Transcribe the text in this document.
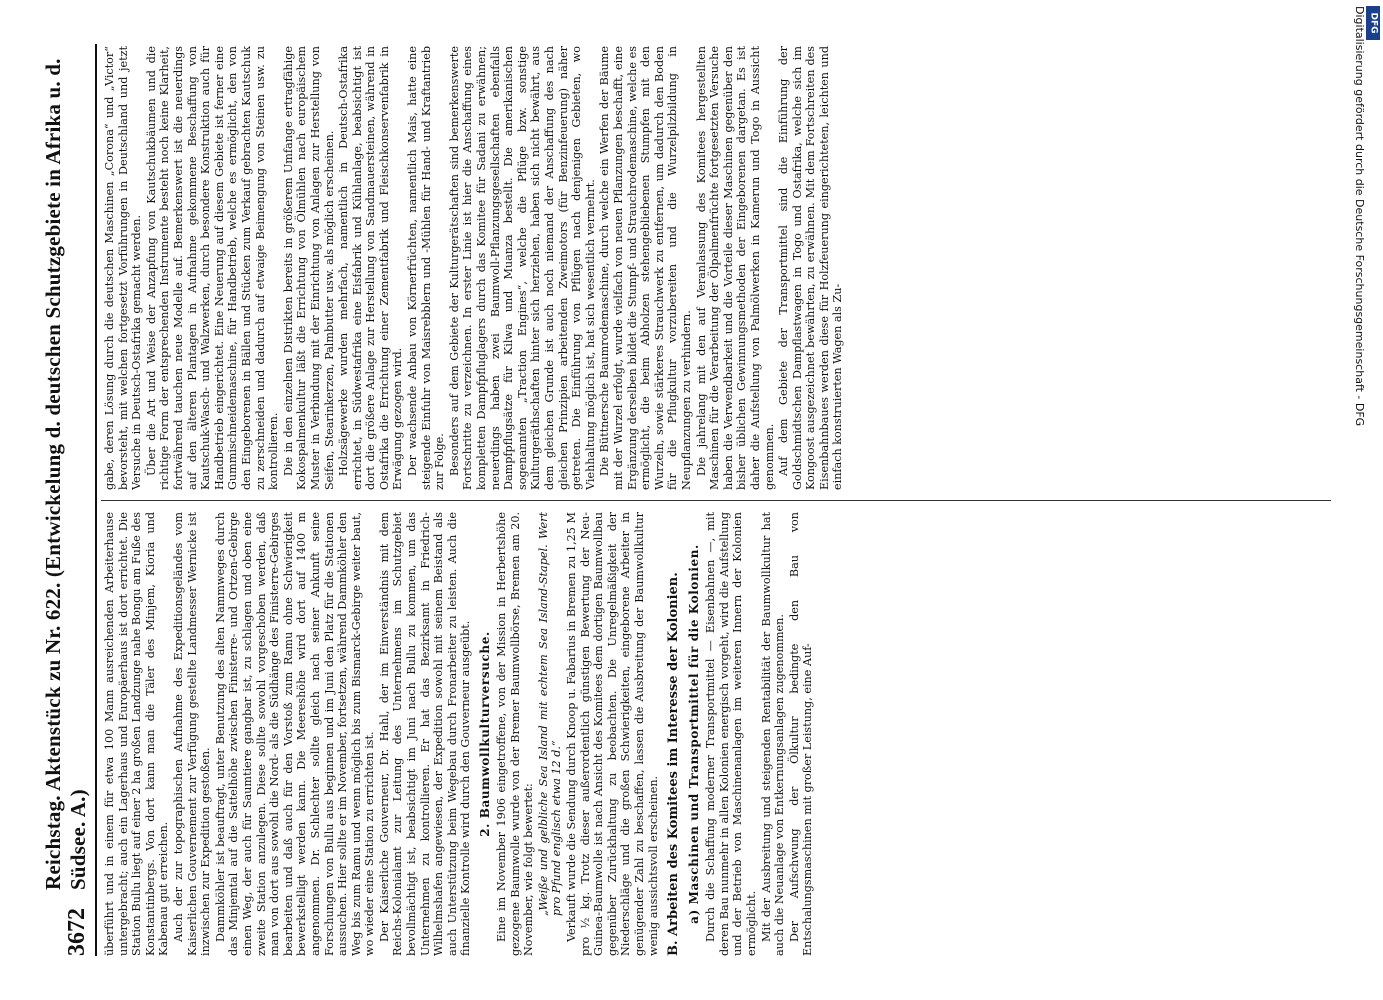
3672
Reichstag. Aktenstück zu Nr. 622. (Entwickelung d. deutschen Schutzgebiete in Afrika u. d. Südsee. A.) überführt und in einem für etwa 100 Mann ausreichenden Arbeiterhause untergebracht; auch ein Lagerhaus und Europäerhaus ist dort errichtet. Die Station Bullu liegt auf einer 2 ha großen Landzunge nahe Bongu am Fuße des Konstantinbergs. Von dort kann man die Täler des Minjem, Kioria und Kabenau gut erreichen. Auch der zur topographischen Aufnahme des Expeditionsgeländes vom Kaiserlichen Gouvernement zur Verfügung gestellte Landmesser Wernicke ist inzwischen zur Expedition gestoßen. Dammköhler ist beauftragt, unter Benutzung des alten Nammweges durch das Minjemtal auf die Sattelhöhe zwischen Finisterre- und Ortzen-Gebirge einen Weg, der auch für Saumtiere gangbar ist, zu schlagen und oben eine zweite Station anzulegen. Diese sollte sowohl vorgeschoben werden, daß man von dort aus sowohl die Nord- als die Südhänge des Finisterre-Gebirges bearbeiten und daß auch für den Vorstoß zum Ramu ohne Schwierigkeit bewerkstelligt werden kann. Die Meereshöhe wird dort auf 1400 m angenommen. Dr. Schlechter sollte gleich nach seiner Ankunft seine Forschungen von Bullu aus beginnen und im Juni den Platz für die Stationen aussuchen. Hier sollte er im November, fortsetzen, während Dammköhler den Weg bis zum Ramu und wenn möglich bis zum Bismarck-Gebirge weiter baut, wo wieder eine Station zu errichten ist. Der Kaiserliche Gouverneur, Dr. Hahl, der im Einverständnis mit dem Reichs-Kolonialamt zur Leitung des Unternehmens im Schutzgebiet bevollmächtigt ist, beabsichtigt im Juni nach Bullu zu kommen, um das Unternehmen zu kontrollieren. Er hat das Bezirksamt in Friedrich-Wilhelmshafen angewiesen, der Expedition sowohl mit seinem Beistand als auch Unterstützung beim Wegebau durch Fronarbeiter zu leisten. Auch die finanzielle Kontrolle wird durch den Gouverneur ausgeübt. 2. Baumwollkulturversuche. Eine im November 1906 eingetroffene, von der Mission in Herbertshöhe gezogene Baumwolle wurde von der Bremer Baumwollbörse, Bremen am 20. November, wie folgt bewertet: „Weiße und gelbliche Sea Island mit echtem Sea Island-Stapel. Wert pro Pfund englisch etwa 12 d.“ Verkauft wurde die Sendung durch Knoop u. Fabarius in Bremen zu 1,25 M pro ½ kg. Trotz dieser außerordentlich günstigen Bewertung der Neu-Guinea-Baumwolle ist nach Ansicht des Komitees dem dortigen Baumwollbau gegenüber Zurückhaltung zu beobachten. Die Unregelmäßigkeit der Niederschläge und die großen Schwierigkeiten, eingeborene Arbeiter in genügender Zahl zu beschaffen, lassen die Ausbreitung der Baumwollkultur wenig aussichtsvoll erscheinen. B. Arbeiten des Komitees im Interesse der Kolonien. a) Maschinen und Transportmittel für die Kolonien. Durch die Schaffung moderner Transportmittel — Eisenbahnen —, mit deren Bau nunmehr in allen Kolonien energisch vorgeht, wird die Aufstellung und der Betrieb von Maschinenanlagen im weiteren Innern der Kolonien ermöglicht. Mit der Ausbreitung und steigenden Rentabilität der Baumwollkultur hat auch die Neuanlage von Entkernungsanlagen zugenommen. Der Aufschwung der Ölkultur bedingte den Bau von Entschalungsmaschinen mit großer Leistung, eine Auf-

gabe, deren Lösung durch die deutschen Maschinen „Corona“ und „Victor“ bevorsteht, mit welchen fortgesetzt Vorführungen in Deutschland und jetzt Versuche in Deutsch-Ostafrika gemacht werden. Über die Art und Weise der Anzapfung von Kautschukbäumen und die richtige Form der entsprechenden Instrumente besteht noch keine Klarheit, fortwährend tauchen neue Modelle auf. Bemerkenswert ist die neuerdings auf den älteren Plantagen in Aufnahme gekommene Beschaffung von Kautschuk-Wasch- und Walzwerken, durch besondere Konstruktion auch für Handbetrieb eingerichtet. Eine Neuerung auf diesem Gebiete ist ferner eine Gummischneidemaschine, für Handbetrieb, welche es ermöglicht, den von den Eingeborenen in Bällen und Stücken zum Verkauf gebrachten Kautschuk zu zerschneiden und dadurch auf etwaige Beimengung von Steinen usw. zu kontrollieren. Die in den einzelnen Distrikten bereits in größerem Umfange ertragfähige Kokospalmenkultur läßt die Errichtung von Ölmühlen nach europäischem Muster in Verbindung mit der Einrichtung von Anlagen zur Herstellung von Seifen, Stearinkerzen, Palmbutter usw. als möglich erscheinen. Holzsägewerke wurden mehrfach, namentlich in Deutsch-Ostafrika errichtet, in Südwestafrika eine Eisfabrik und Kühlanlage, beabsichtigt ist dort die größere Anlage zur Herstellung von Sandmauersteinen, während in Ostafrika die Errichtung einer Zementfabrik und Fleischkonservenfabrik in Erwägung gezogen wird. Der wachsende Anbau von Körnerfrüchten, namentlich Mais, hatte eine steigende Einfuhr von Maisrebblern und -Mühlen für Hand- und Kraftantrieb zur Folge. Besonders auf dem Gebiete der Kulturgerätschaften sind bemerkenswerte Fortschritte zu verzeichnen. In erster Linie ist hier die Anschaffung eines kompletten Dampfpfluglagers durch das Komitee für Sadani zu erwähnen; neuerdings haben zwei Baumwoll-Pflanzungsgesellschaften ebenfalls Dampfpflugsätze für Kilwa und Muanza bestellt. Die amerikanischen sogenannten „Traction Engines“, welche die Pflüge bzw. sonstige Kulturgeräthschaften hinter sich herziehen, haben sich nicht bewährt, aus dem gleichen Grunde ist auch noch niemand der Anschaffung des nach gleichen Prinzipien arbeitenden Zweimotors (für Benzinfeuerung) näher getreten. Die Einführung von Pflügen nach denjenigen Gebieten, wo Viehhaltung möglich ist, hat sich wesentlich vermehrt. Die Büttnersche Baumrodemaschine, durch welche ein Werfen der Bäume mit der Wurzel erfolgt, wurde vielfach von neuen Pflanzungen beschafft, eine Ergänzung derselben bildet die Stumpf- und Strauchrodemaschine, welche es ermöglicht, die beim Abholzen stehengebliebenen Stumpfen mit den Wurzeln, sowie stärkeres Strauchwerk zu entfernen, um dadurch den Boden für die Pflugkultur vorzubereiten und die Wurzelpilzbildung in Neupflanzungen zu verhindern. Die jahrelang mit den auf Veranlassung des Komitees hergestellten Maschinen für die Verarbeitung der Ölpalmenfrüchte fortgesetzten Versuche haben die Verwendbarkeit und die Vorteile dieser Maschinen gegenüber den bisher üblichen Gewinnungsmethoden der Eingeborenen dargetan. Es ist daher die Aufstellung von Palmölwerken in Kamerun und Togo in Aussicht genommen. Auf dem Gebiete der Transportmittel sind die Einführung der Goldschmidtschen Dampflastwagen in Togo und Ostafrika, welche sich im Kongoost ausgezeichnet bewährten, zu erwähnen. Mit dem Fortschreiten des Eisenbahnbaues werden diese für Holzfeuerung eingerichteten, leichten und einfach konstruierten Wagen als Zu-	Digitalisierung gefördert durch die Deutsche Forschungsgemeinschaft - DFG DFG
